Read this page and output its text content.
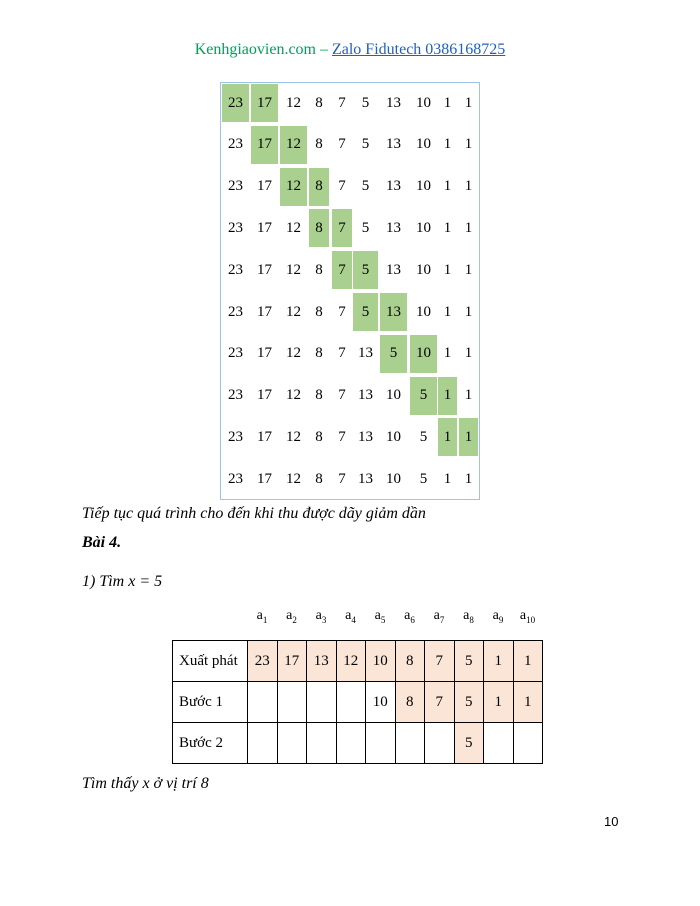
Kenhgiaovien.com – Zalo Fidutech 0386168725
23 17 12 8	7	5	13	10 1 1
23 17 12 8	7	5	13	10 1 1
23 17 12 8	7	5	13	10 1 1
23 17 12 8	7	5	13	10 1 1
23 17 12 8	7	5	13	10 1 1
23 17 12 8	7	5	13	10 1 1
23 17 12 8	7 13	5	10 1 1
23 17 12 8	7 13 10	5	1 1
23 17 12 8	7 13 10	5	1 1
23 17 12 8	7 13 10	5	1 1
Tiếp tục quá trình cho đến khi thu được dãy giảm dần
Bài 4.
1) Tìm x = 5
$a_1$	$a_2$	$a_3$	$a_4$	$a_5$	$a_6$	$a_7$	$a_8$	$a_9$	$a_{10}$
Xuất phát	23	17	13	12	10	8	7	5	1	1
Bước 1					10	8	7	5	1	1
Bước 2								5		
Tìm thấy x ở vị trí 8
10
